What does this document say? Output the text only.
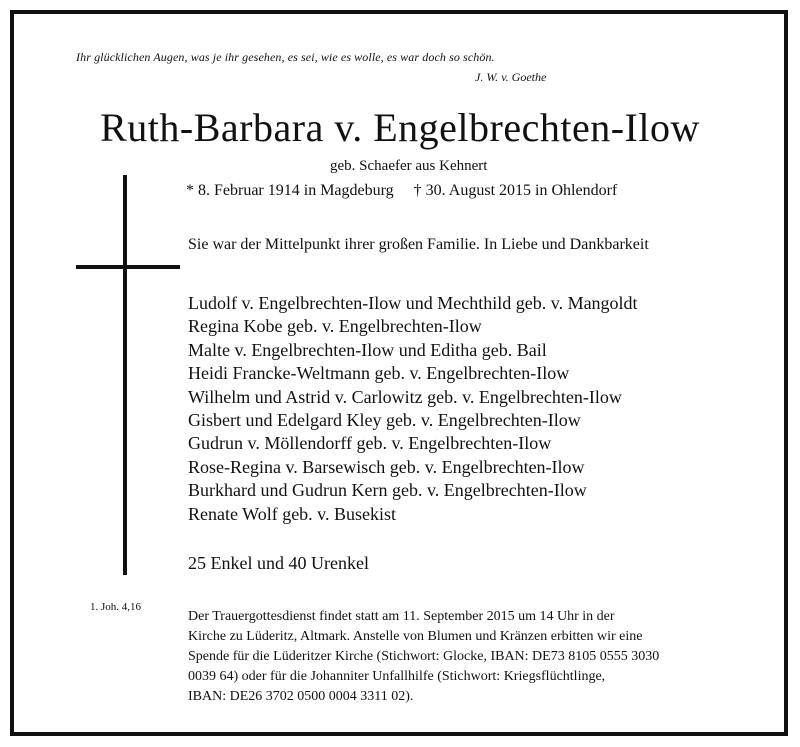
Ihr glücklichen Augen, was je ihr gesehen, es sei, wie es wolle, es war doch so schön.
J. W. v. Goethe
Ruth-Barbara v. Engelbrechten-Ilow
geb. Schaefer aus Kehnert
* 8. Februar 1914 in Magdeburg † 30. August 2015 in Ohlendorf
Sie war der Mittelpunkt ihrer großen Familie. In Liebe und Dankbarkeit
Ludolf v. Engelbrechten-Ilow und Mechthild geb. v. Mangoldt
Regina Kobe geb. v. Engelbrechten-Ilow
Malte v. Engelbrechten-Ilow und Editha geb. Bail
Heidi Francke-Weltmann geb. v. Engelbrechten-Ilow
Wilhelm und Astrid v. Carlowitz geb. v. Engelbrechten-Ilow
Gisbert und Edelgard Kley geb. v. Engelbrechten-Ilow
Gudrun v. Möllendorff geb. v. Engelbrechten-Ilow
Rose-Regina v. Barsewisch geb. v. Engelbrechten-Ilow
Burkhard und Gudrun Kern geb. v. Engelbrechten-Ilow
Renate Wolf geb. v. Busekist
25 Enkel und 40 Urenkel
1. Joh. 4,16
Der Trauergottesdienst findet statt am 11. September 2015 um 14 Uhr in der
Kirche zu Lüderitz, Altmark. Anstelle von Blumen und Kränzen erbitten wir eine
Spende für die Lüderitzer Kirche (Stichwort: Glocke, IBAN: DE73 8105 0555 3030
0039 64) oder für die Johanniter Unfallhilfe (Stichwort: Kriegsflüchtlinge,
IBAN: DE26 3702 0500 0004 3311 02).
